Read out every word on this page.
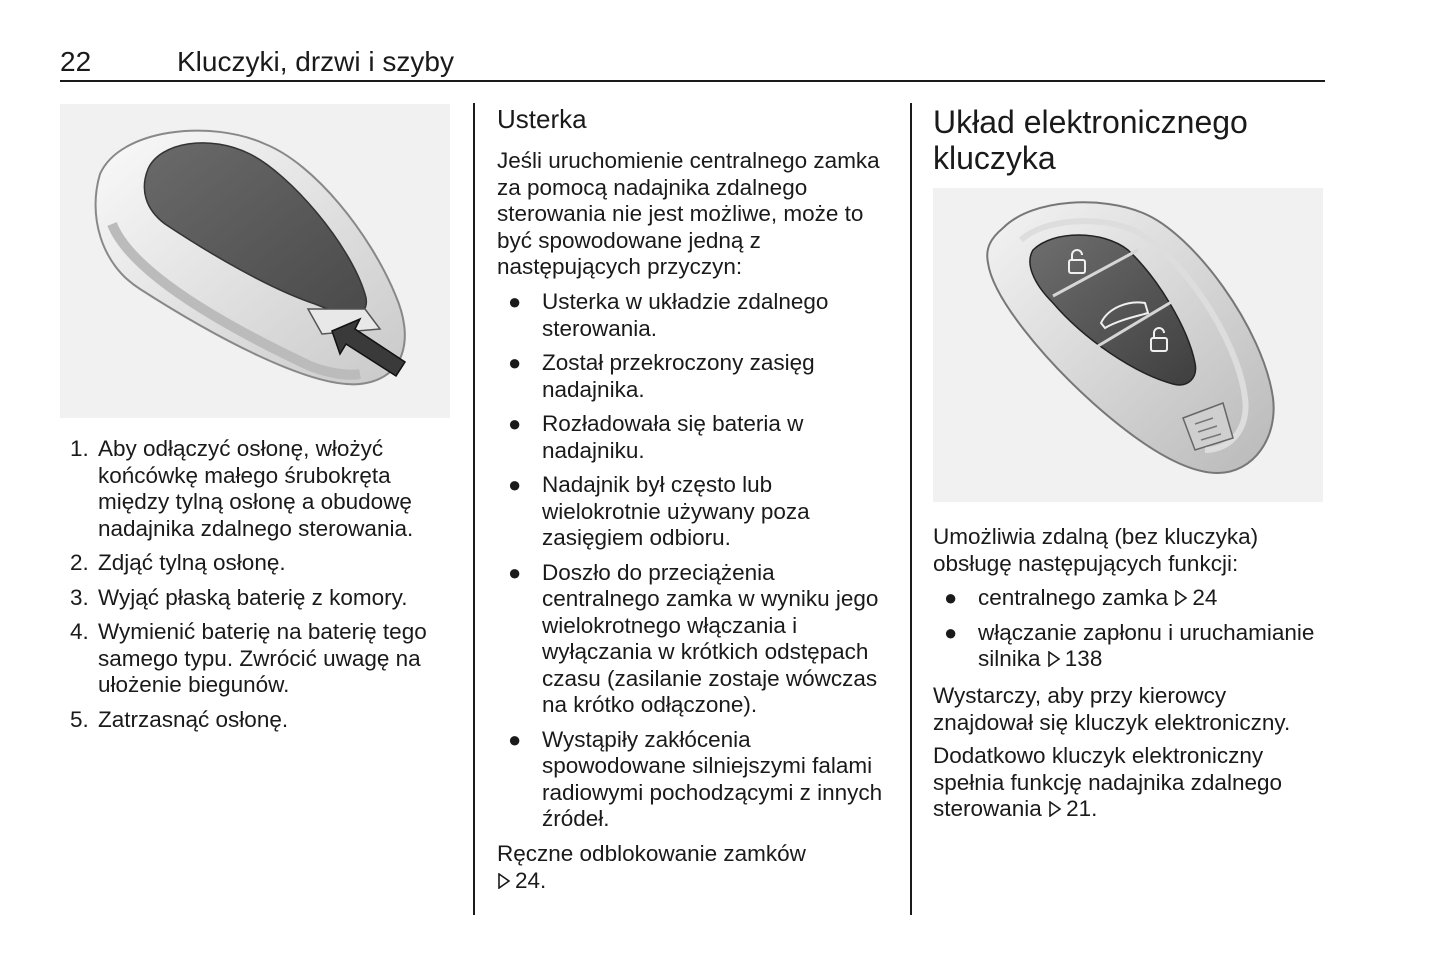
22	Kluczyki, drzwi i szyby
1. Aby odłączyć osłonę, włożyć końcówkę małego śrubokręta między tylną osłonę a obudowę nadajnika zdalnego sterowania.
2. Zdjąć tylną osłonę.
3. Wyjąć płaską baterię z komory.
4. Wymienić baterię na baterię tego samego typu. Zwrócić uwagę na ułożenie biegunów.
5. Zatrzasnąć osłonę.
Usterka

Jeśli uruchomienie centralnego zamka za pomocą nadajnika zdalnego sterowania nie jest możliwe, może to być spowodowane jedną z następujących przyczyn:

● Usterka w układzie zdalnego sterowania.
● Został przekroczony zasięg nadajnika.
● Rozładowała się bateria w nadajniku.
● Nadajnik był często lub wielokrotnie używany poza zasięgiem odbioru.
● Doszło do przeciążenia centralnego zamka w wyniku jego wielokrotnego włączania i wyłączania w krótkich odstępach czasu (zasilanie zostaje wówczas na krótko odłączone).
● Wystąpiły zakłócenia spowodowane silniejszymi falami radiowymi pochodzącymi z innych źródeł.

Ręczne odblokowanie zamków
24.

Układ elektronicznego kluczyka

Umożliwia zdalną (bez kluczyka) obsługę następujących funkcji:

● centralnego zamka 24
● włączanie zapłonu i uruchamianie silnika 138

Wystarczy, aby przy kierowcy znajdował się kluczyk elektroniczny.

Dodatkowo kluczyk elektroniczny spełnia funkcję nadajnika zdalnego sterowania 21.
